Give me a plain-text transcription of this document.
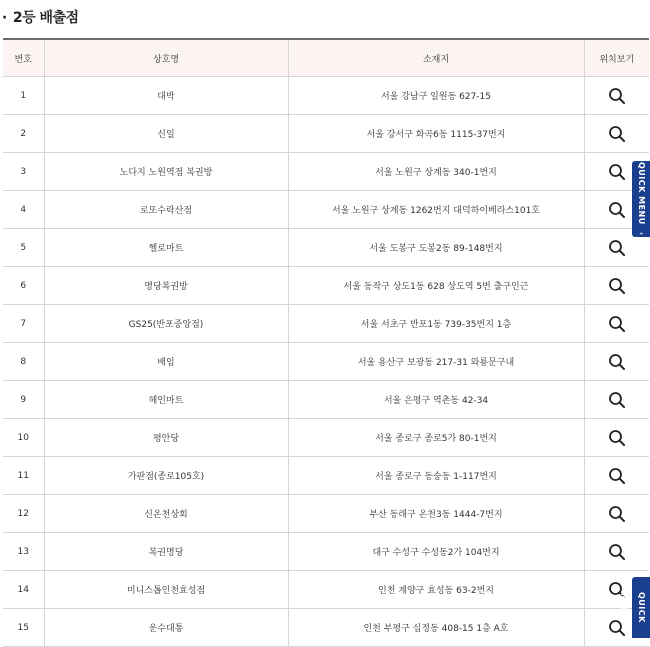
· 2등 배출점
번호	상호명	소재지	위치보기
1	대박	서울 강남구 일원동 627-15	

2	신일	서울 강서구 화곡6동 1115-37번지	

3	노다지 노원역점 복권방	서울 노원구 상계동 340-1번지	

4	로또수락산점	서울 노원구 상계동 1262번지 대덕하이베라스101호	

5	헬로마트	서울 도봉구 도봉2동 89-148번지	

6	명당복권방	서울 동작구 상도1동 628 상도역 5번 출구인근	

7	GS25(반포중앙점)	서울 서초구 반포1동 739-35번지 1층	

8	배임	서울 용산구 보광동 217-31 와룡문구내	

9	헤인마트	서울 은평구 역촌동 42-34	

10	평안당	서울 종로구 종로5가 80-1번지	

11	가판점(종로105호)	서울 종로구 동숭동 1-117번지	

12	신온천상회	부산 동래구 온천3동 1444-7번지	

13	복권명당	대구 수성구 수성동2가 104번지	

14	미니스톱인천효성점	인천 계양구 효성동 63-2번지	

15	운수대통	인천 부평구 십정동 408-15 1층 A호	
QUICK MENU ‹
QUICK MENU
